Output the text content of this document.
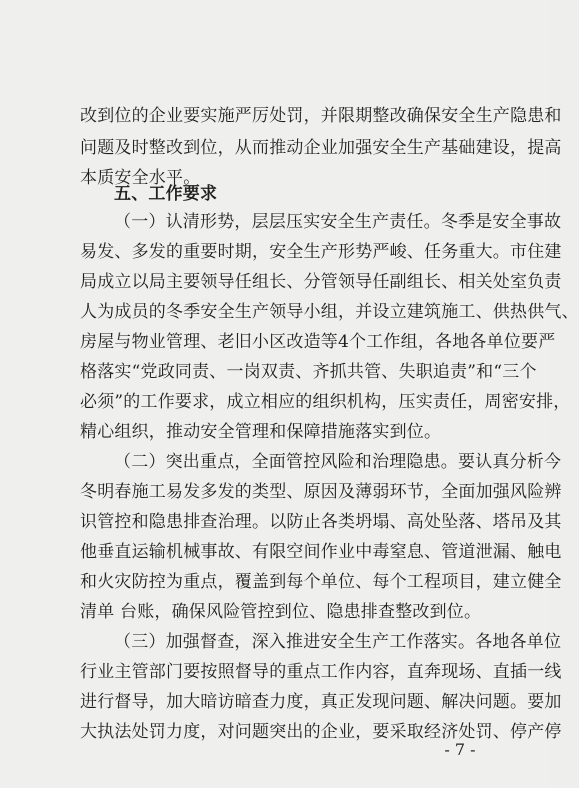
改到位的企业要实施严厉处罚，并限期整改确保安全生产隐患和
问题及时整改到位，从而推动企业加强安全生产基础建设，提高
本质安全水平。
五、工作要求
（一）认清形势，层层压实安全生产责任。冬季是安全事故
易发、多发的重要时期，安全生产形势严峻、任务重大。市住建
局成立以局主要领导任组长、分管领导任副组长、相关处室负责
人为成员的冬季安全生产领导小组，并设立建筑施工、供热供气、
房屋与物业管理、老旧小区改造等4个工作组，各地各单位要严
格落实“党政同责、一岗双责、齐抓共管、失职追责”和“三个
必须”的工作要求，成立相应的组织机构，压实责任，周密安排，
精心组织，推动安全管理和保障措施落实到位。
（二）突出重点，全面管控风险和治理隐患。要认真分析今
冬明春施工易发多发的类型、原因及薄弱环节，全面加强风险辨
识管控和隐患排查治理。以防止各类坍塌、高处坠落、塔吊及其
他垂直运输机械事故、有限空间作业中毒窒息、管道泄漏、触电
和火灾防控为重点，覆盖到每个单位、每个工程项目，建立健全
清单 台账，确保风险管控到位、隐患排查整改到位。
（三）加强督查，深入推进安全生产工作落实。各地各单位
行业主管部门要按照督导的重点工作内容，直奔现场、直插一线
进行督导，加大暗访暗查力度，真正发现问题、解决问题。要加
大执法处罚力度，对问题突出的企业，要采取经济处罚、停产停
- 7 -
